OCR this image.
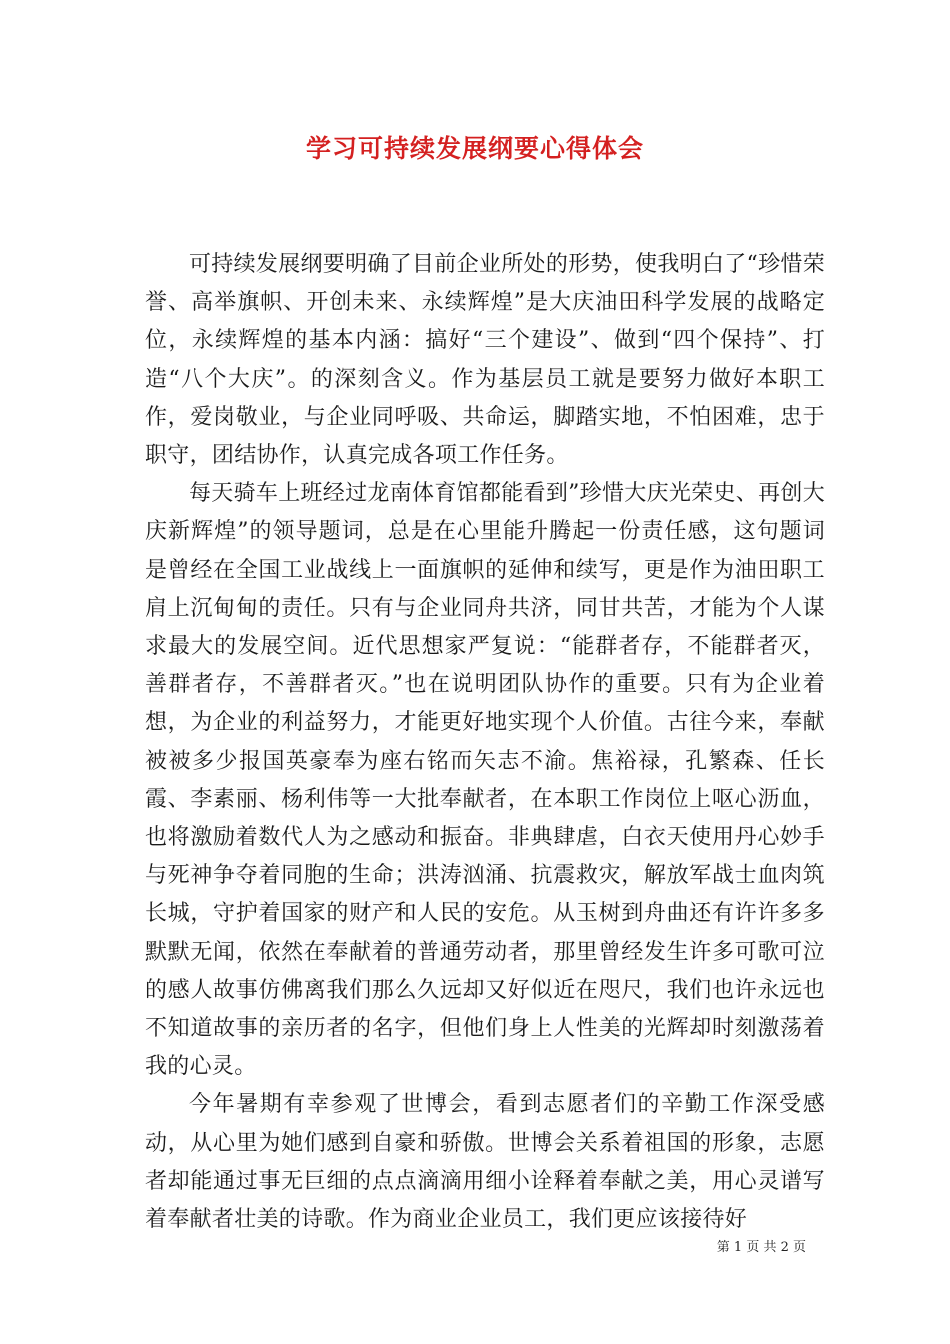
学习可持续发展纲要心得体会

可持续发展纲要明确了目前企业所处的形势，使我明白了“珍惜荣誉、高举旗帜、开创未来、永续辉煌”是大庆油田科学发展的战略定位，永续辉煌的基本内涵：搞好“三个建设”、做到“四个保持”、打造“八个大庆”。的深刻含义。作为基层员工就是要努力做好本职工作，爱岗敬业，与企业同呼吸、共命运，脚踏实地，不怕困难，忠于职守，团结协作，认真完成各项工作任务。

每天骑车上班经过龙南体育馆都能看到”珍惜大庆光荣史、再创大庆新辉煌”的领导题词，总是在心里能升腾起一份责任感，这句题词是曾经在全国工业战线上一面旗帜的延伸和续写，更是作为油田职工肩上沉甸甸的责任。只有与企业同舟共济，同甘共苦，才能为个人谋求最大的发展空间。近代思想家严复说：“能群者存，不能群者灭，善群者存，不善群者灭。”也在说明团队协作的重要。只有为企业着想，为企业的利益努力，才能更好地实现个人价值。古往今来，奉献被被多少报国英豪奉为座右铭而矢志不渝。焦裕禄，孔繁森、任长霞、李素丽、杨利伟等一大批奉献者，在本职工作岗位上呕心沥血，也将激励着数代人为之感动和振奋。非典肆虐，白衣天使用丹心妙手与死神争夺着同胞的生命；洪涛汹涌、抗震救灾，解放军战士血肉筑长城，守护着国家的财产和人民的安危。从玉树到舟曲还有许许多多默默无闻，依然在奉献着的普通劳动者，那里曾经发生许多可歌可泣的感人故事仿佛离我们那么久远却又好似近在咫尺，我们也许永远也不知道故事的亲历者的名字，但他们身上人性美的光辉却时刻激荡着我的心灵。

今年暑期有幸参观了世博会，看到志愿者们的辛勤工作深受感动，从心里为她们感到自豪和骄傲。世博会关系着祖国的形象，志愿者却能通过事无巨细的点点滴滴用细小诠释着奉献之美，用心灵谱写着奉献者壮美的诗歌。作为商业企业员工，我们更应该接待好

第 1 页 共 2 页
